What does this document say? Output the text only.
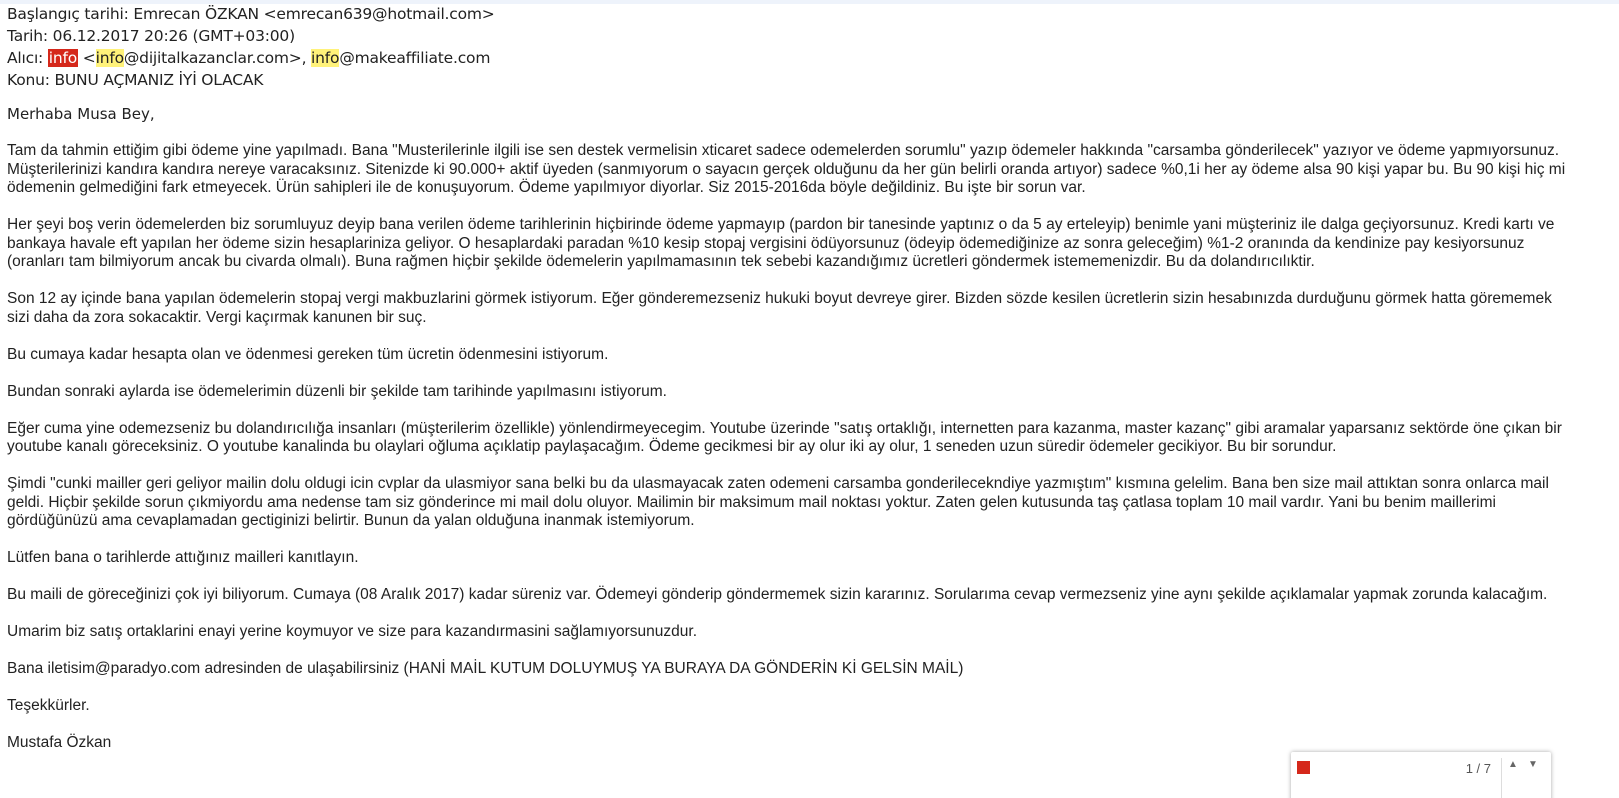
Başlangıç tarihi: Emrecan ÖZKAN <emrecan639@hotmail.com>
Tarih: 06.12.2017 20:26 (GMT+03:00)
Alıcı: info <info@dijitalkazanclar.com>, info@makeaffiliate.com
Konu: BUNU AÇMANIZ İYİ OLACAK

Merhaba Musa Bey,

Tam da tahmin ettiğim gibi ödeme yine yapılmadı. Bana "Musterilerinle ilgili ise sen destek vermelisin xticaret sadece odemelerden sorumlu" yazıp ödemeler hakkında "carsamba gönderilecek" yazıyor ve ödeme yapmıyorsunuz. Müşterilerinizi kandıra kandıra nereye varacaksınız. Sitenizde ki 90.000+ aktif üyeden (sanmıyorum o sayacın gerçek olduğunu da her gün belirli oranda artıyor) sadece %0,1i her ay ödeme alsa 90 kişi yapar bu. Bu 90 kişi hiç mi ödemenin gelmediğini fark etmeyecek. Ürün sahipleri ile de konuşuyorum. Ödeme yapılmıyor diyorlar. Siz 2015-2016da böyle değildiniz. Bu işte bir sorun var.

Her şeyi boş verin ödemelerden biz sorumluyuz deyip bana verilen ödeme tarihlerinin hiçbirinde ödeme yapmayıp (pardon bir tanesinde yaptınız o da 5 ay erteleyip) benimle yani müşteriniz ile dalga geçiyorsunuz. Kredi kartı ve bankaya havale eft yapılan her ödeme sizin hesaplariniza geliyor. O hesaplardaki paradan %10 kesip stopaj vergisini ödüyorsunuz (ödeyip ödemediğinize az sonra geleceğim) %1-2 oranında da kendinize pay kesiyorsunuz (oranları tam bilmiyorum ancak bu civarda olmalı). Buna rağmen hiçbir şekilde ödemelerin yapılmamasının tek sebebi kazandığımız ücretleri göndermek istememenizdir. Bu da dolandırıcılıktir.

Son 12 ay içinde bana yapılan ödemelerin stopaj vergi makbuzlarini görmek istiyorum. Eğer gönderemezseniz hukuki boyut devreye girer. Bizden sözde kesilen ücretlerin sizin hesabınızda durduğunu görmek hatta görememek sizi daha da zora sokacaktir. Vergi kaçırmak kanunen bir suç.

Bu cumaya kadar hesapta olan ve ödenmesi gereken tüm ücretin ödenmesini istiyorum.

Bundan sonraki aylarda ise ödemelerimin düzenli bir şekilde tam tarihinde yapılmasını istiyorum.

Eğer cuma yine odemezseniz bu dolandırıcılığa insanları (müşterilerim özellikle) yönlendirmeyecegim. Youtube üzerinde "satış ortaklığı, internetten para kazanma, master kazanç" gibi aramalar yaparsanız sektörde öne çıkan bir youtube kanalı göreceksiniz. O youtube kanalinda bu olaylari oğluma açıklatip paylaşacağım. Ödeme gecikmesi bir ay olur iki ay olur, 1 seneden uzun süredir ödemeler gecikiyor. Bu bir sorundur.

Şimdi "cunki mailler geri geliyor mailin dolu oldugi icin cvplar da ulasmiyor sana belki bu da ulasmayacak zaten odemeni carsamba gonderilecekndiye yazmıştım" kısmına gelelim. Bana ben size mail attıktan sonra onlarca mail geldi. Hiçbir şekilde sorun çıkmiyordu ama nedense tam siz gönderince mi mail dolu oluyor. Mailimin bir maksimum mail noktası yoktur. Zaten gelen kutusunda taş çatlasa toplam 10 mail vardır. Yani bu benim maillerimi gördüğünüzü ama cevaplamadan gectiginizi belirtir. Bunun da yalan olduğuna inanmak istemiyorum.

Lütfen bana o tarihlerde attığınız mailleri kanıtlayın.

Bu maili de göreceğinizi çok iyi biliyorum. Cumaya (08 Aralık 2017) kadar süreniz var. Ödemeyi gönderip göndermemek sizin kararınız. Sorularıma cevap vermezseniz yine aynı şekilde açıklamalar yapmak zorunda kalacağım.

Umarim biz satış ortaklarini enayi yerine koymuyor ve size para kazandırmasini sağlamıyorsunuzdur.

Bana iletisim@paradyo.com adresinden de ulaşabilirsiniz (HANİ MAİL KUTUM DOLUYMUŞ YA BURAYA DA GÖNDERİN Kİ GELSİN MAİL)

Teşekkürler.

Mustafa Özkan

1 / 7	▲	▼
